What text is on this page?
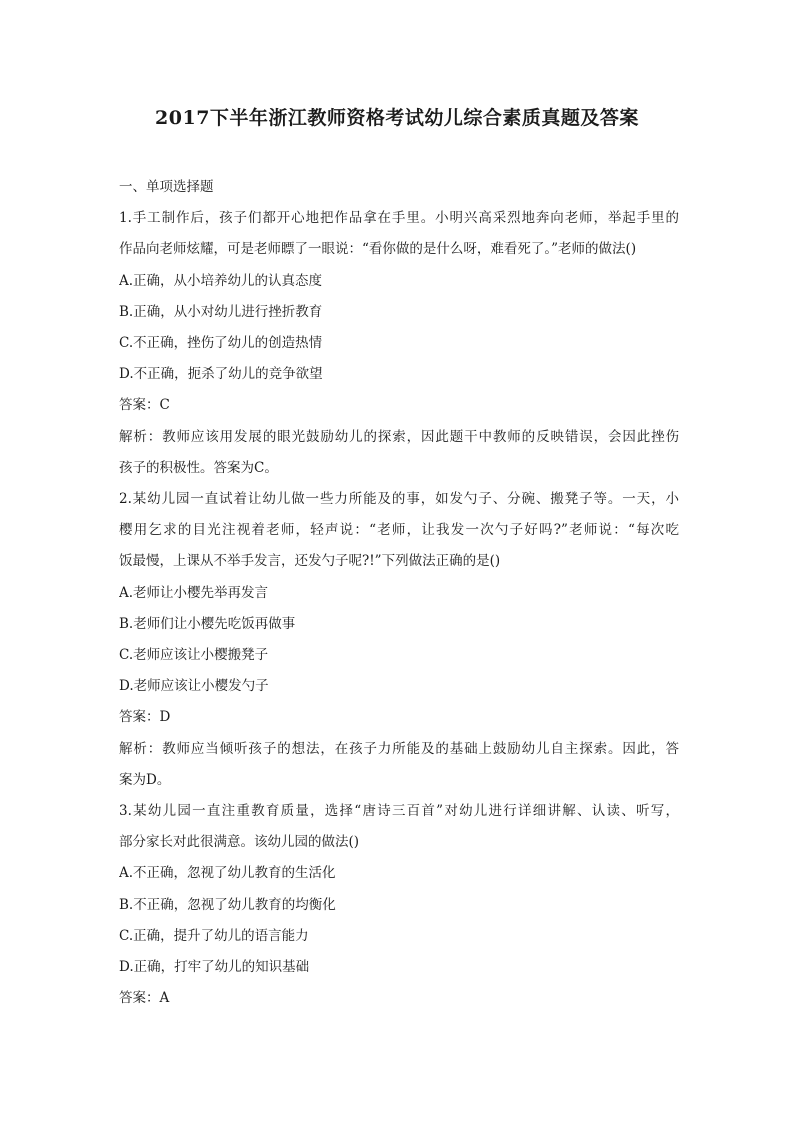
2017下半年浙江教师资格考试幼儿综合素质真题及答案
一、单项选择题
1.手工制作后，孩子们都开心地把作品拿在手里。小明兴高采烈地奔向老师，举起手里的
作品向老师炫耀，可是老师瞟了一眼说：“看你做的是什么呀，难看死了。”老师的做法()
A.正确，从小培养幼儿的认真态度
B.正确，从小对幼儿进行挫折教育
C.不正确，挫伤了幼儿的创造热情
D.不正确，扼杀了幼儿的竞争欲望
答案：C
解析：教师应该用发展的眼光鼓励幼儿的探索，因此题干中教师的反映错误，会因此挫伤
孩子的积极性。答案为C。
2.某幼儿园一直试着让幼儿做一些力所能及的事，如发勺子、分碗、搬凳子等。一天，小
樱用乞求的目光注视着老师，轻声说：“老师，让我发一次勺子好吗?”老师说：“每次吃
饭最慢，上课从不举手发言，还发勺子呢?!”下列做法正确的是()
A.老师让小樱先举再发言
B.老师们让小樱先吃饭再做事
C.老师应该让小樱搬凳子
D.老师应该让小樱发勺子
答案：D
解析：教师应当倾听孩子的想法，在孩子力所能及的基础上鼓励幼儿自主探索。因此，答
案为D。
3.某幼儿园一直注重教育质量，选择“唐诗三百首”对幼儿进行详细讲解、认读、听写，
部分家长对此很满意。该幼儿园的做法()
A.不正确，忽视了幼儿教育的生活化
B.不正确，忽视了幼儿教育的均衡化
C.正确，提升了幼儿的语言能力
D.正确，打牢了幼儿的知识基础
答案：A
